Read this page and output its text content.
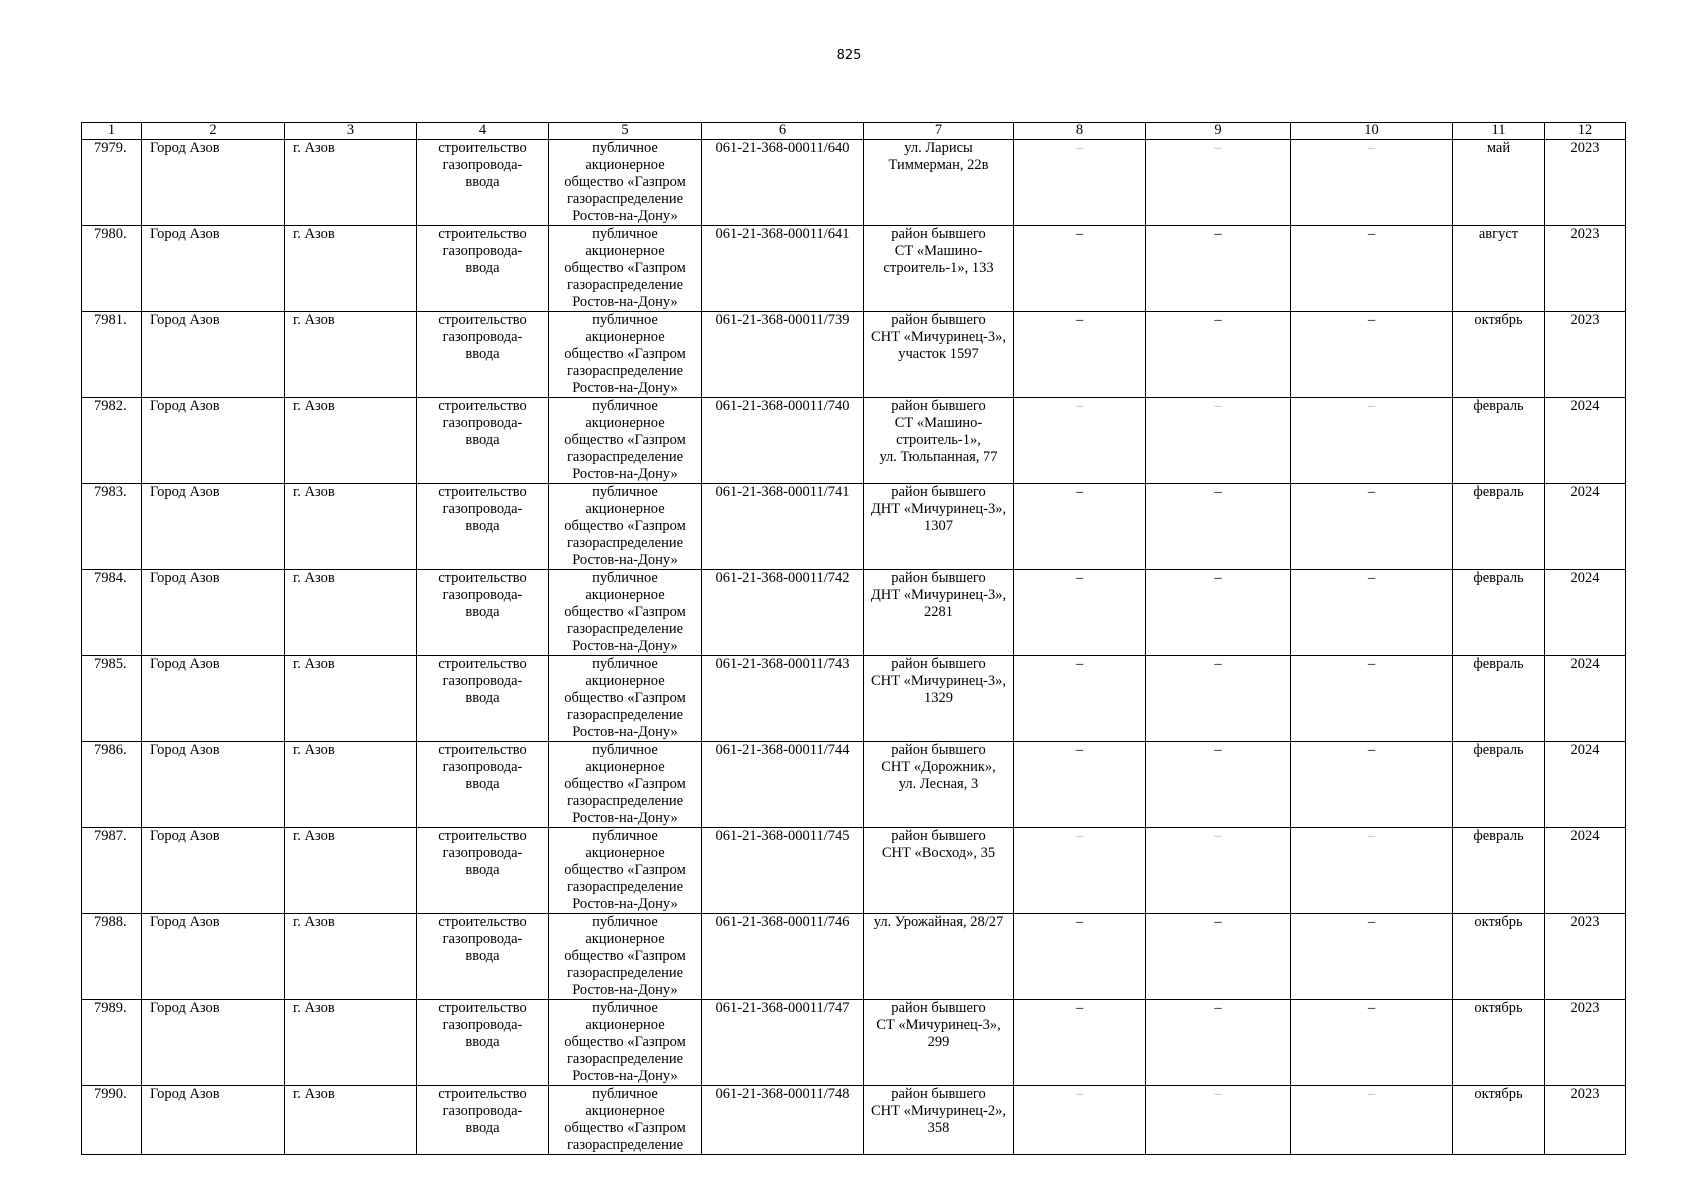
825
1	2	3	4	5	6	7	8	9	10	11	12
7979.	Город Азов	г. Азов	строительство
газопровода-
ввода	публичное
акционерное
общество «Газпром
газораспределение
Ростов-на-Дону»	061-21-368-00011/640	ул. Ларисы
Тиммерман, 22в	–	–	–	май	2023
7980.	Город Азов	г. Азов	строительство
газопровода-
ввода	публичное
акционерное
общество «Газпром
газораспределение
Ростов-на-Дону»	061-21-368-00011/641	район бывшего
СТ «Машино-
строитель-1», 133	–	–	–	август	2023
7981.	Город Азов	г. Азов	строительство
газопровода-
ввода	публичное
акционерное
общество «Газпром
газораспределение
Ростов-на-Дону»	061-21-368-00011/739	район бывшего
СНТ «Мичуринец-3»,
участок 1597	–	–	–	октябрь	2023
7982.	Город Азов	г. Азов	строительство
газопровода-
ввода	публичное
акционерное
общество «Газпром
газораспределение
Ростов-на-Дону»	061-21-368-00011/740	район бывшего
СТ «Машино-
строитель-1»,
ул. Тюльпанная, 77	–	–	–	февраль	2024
7983.	Город Азов	г. Азов	строительство
газопровода-
ввода	публичное
акционерное
общество «Газпром
газораспределение
Ростов-на-Дону»	061-21-368-00011/741	район бывшего
ДНТ «Мичуринец-3»,
1307	–	–	–	февраль	2024
7984.	Город Азов	г. Азов	строительство
газопровода-
ввода	публичное
акционерное
общество «Газпром
газораспределение
Ростов-на-Дону»	061-21-368-00011/742	район бывшего
ДНТ «Мичуринец-3»,
2281	–	–	–	февраль	2024
7985.	Город Азов	г. Азов	строительство
газопровода-
ввода	публичное
акционерное
общество «Газпром
газораспределение
Ростов-на-Дону»	061-21-368-00011/743	район бывшего
СНТ «Мичуринец-3»,
1329	–	–	–	февраль	2024
7986.	Город Азов	г. Азов	строительство
газопровода-
ввода	публичное
акционерное
общество «Газпром
газораспределение
Ростов-на-Дону»	061-21-368-00011/744	район бывшего
СНТ «Дорожник»,
ул. Лесная, 3	–	–	–	февраль	2024
7987.	Город Азов	г. Азов	строительство
газопровода-
ввода	публичное
акционерное
общество «Газпром
газораспределение
Ростов-на-Дону»	061-21-368-00011/745	район бывшего
СНТ «Восход», 35	–	–	–	февраль	2024
7988.	Город Азов	г. Азов	строительство
газопровода-
ввода	публичное
акционерное
общество «Газпром
газораспределение
Ростов-на-Дону»	061-21-368-00011/746	ул. Урожайная, 28/27	–	–	–	октябрь	2023
7989.	Город Азов	г. Азов	строительство
газопровода-
ввода	публичное
акционерное
общество «Газпром
газораспределение
Ростов-на-Дону»	061-21-368-00011/747	район бывшего
СТ «Мичуринец-3»,
299	–	–	–	октябрь	2023
7990.	Город Азов	г. Азов	строительство
газопровода-
ввода	публичное
акционерное
общество «Газпром
газораспределение	061-21-368-00011/748	район бывшего
СНТ «Мичуринец-2»,
358	–	–	–	октябрь	2023
